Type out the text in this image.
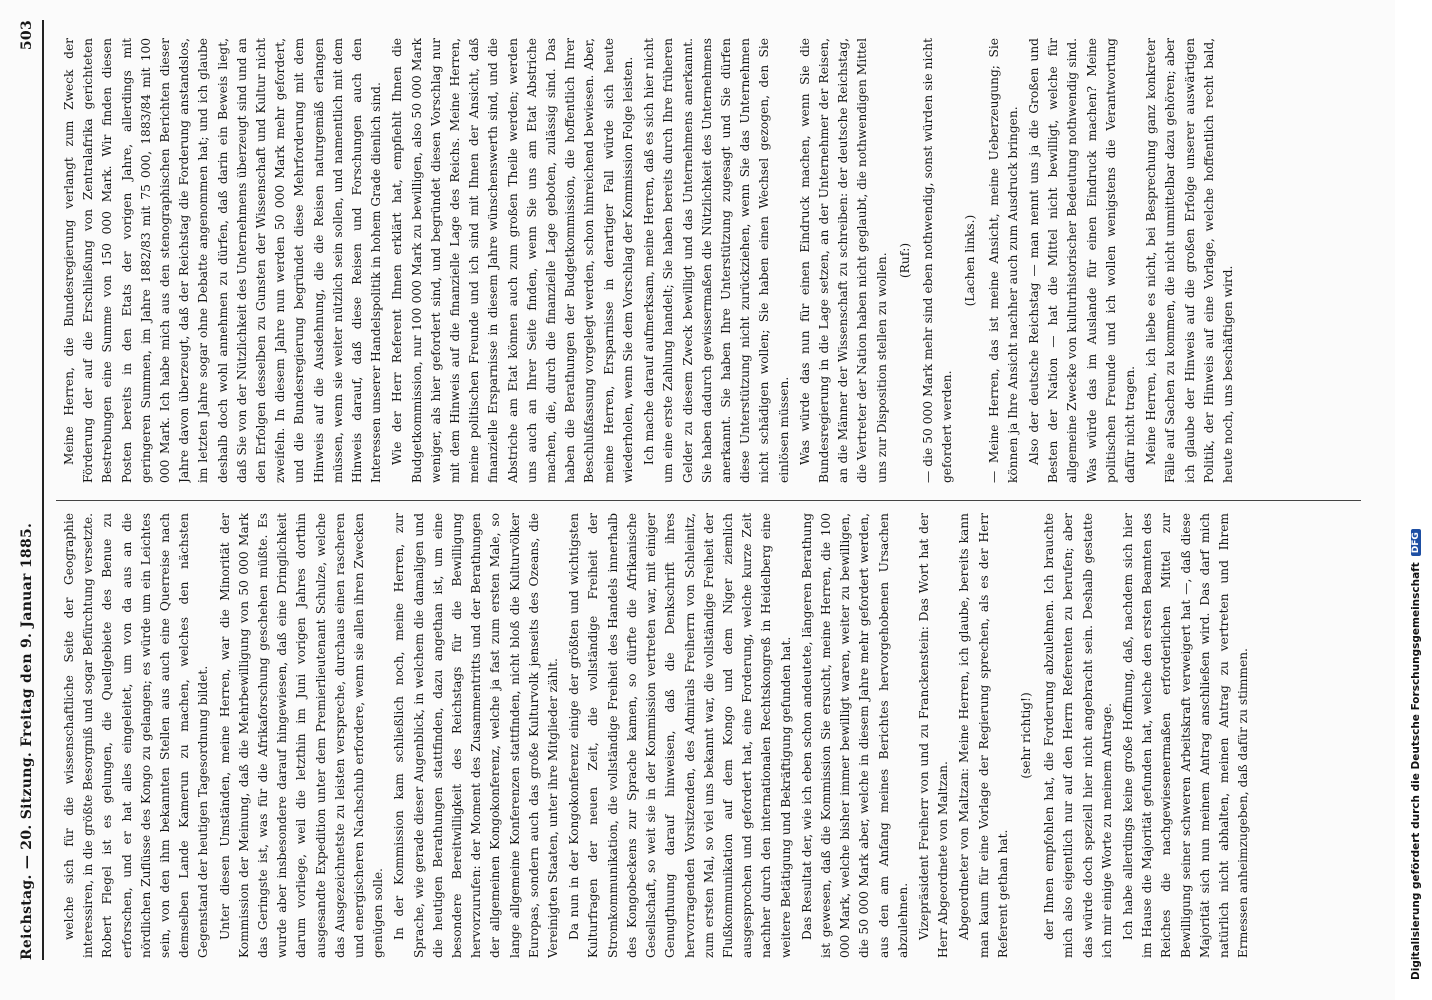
Reichstag. — 20. Sitzung. Freitag den 9. Januar 1885.
503

welche sich für die wissenschaftliche Seite der Geographie interessiren, in die größte Besorgniß und sogar Befürchtung versetzte. Robert Flegel ist es gelungen, die Quellgebiete des Benue zu erforschen, und er hat alles eingeleitet, um von da aus an die nördlichen Zuflüsse des Kongo zu gelangen; es würde um ein Leichtes sein, von den ihm bekannten Stellen aus auch eine Querreise nach demselben Lande Kamerun zu machen, welches den nächsten Gegenstand der heutigen Tagesordnung bildet. Unter diesen Umständen, meine Herren, war die Minorität der Kommission der Meinung, daß die Mehrbewilligung von 50 000 Mark das Geringste ist, was für die Afrikaforschung geschehen müßte. Es wurde aber insbesondere darauf hingewiesen, daß eine Dringlichkeit darum vorliege, weil die letzthin im Juni vorigen Jahres dorthin ausgesandte Expedition unter dem Premierlieutenant Schulze, welche das Ausgezeichnetste zu leisten verspreche, durchaus einen rascheren und energischeren Nachschub erfordere, wenn sie allen ihren Zwecken genügen solle. In der Kommission kam schließlich noch, meine Herren, zur Sprache, wie gerade dieser Augenblick, in welchem die damaligen und die heutigen Berathungen stattfinden, dazu angethan ist, um eine besondere Bereitwilligkeit des Reichstags für die Bewilligung hervorzurufen: der Moment des Zusammentritts und der Berathungen der allgemeinen Kongokonferenz, welche ja fast zum ersten Male, so lange allgemeine Konferenzen stattfinden, nicht bloß die Kulturvölker Europas, sondern auch das große Kulturvolk jenseits des Ozeans, die Vereinigten Staaten, unter ihre Mitglieder zählt. Da nun in der Kongokonferenz einige der größten und wichtigsten Kulturfragen der neuen Zeit, die vollständige Freiheit der Stromkommunikation, die vollständige Freiheit des Handels innerhalb des Kongobeckens zur Sprache kamen, so dürfte die Afrikanische Gesellschaft, so weit sie in der Kommission vertreten war, mit einiger Genugthuung darauf hinweisen, daß die Denkschrift ihres hervorragenden Vorsitzenden, des Admirals Freiherrn von Schleinitz, zum ersten Mal, so viel uns bekannt war, die vollständige Freiheit der Flußkommunikation auf dem Kongo und dem Niger ziemlich ausgesprochen und gefordert hat, eine Forderung, welche kurze Zeit nachher durch den internationalen Rechtskongreß in Heidelberg eine weitere Betätigung und Bekräftigung gefunden hat. Das Resultat der, wie ich eben schon andeutete, längeren Berathung ist gewesen, daß die Kommission Sie ersucht, meine Herren, die 100 000 Mark, welche bisher immer bewilligt waren, weiter zu bewilligen, die 50 000 Mark aber, welche in diesem Jahre mehr gefordert werden, aus den am Anfang meines Berichtes hervorgehobenen Ursachen abzulehnen. Vizepräsident Freiherr von und zu Franckenstein: Das Wort hat der Herr Abgeordnete von Maltzan. Abgeordneter von Maltzan: Meine Herren, ich glaube, bereits kann man kaum für eine Vorlage der Regierung sprechen, als es der Herr Referent gethan hat.

(sehr richtig!) der Ihnen empfohlen hat, die Forderung abzulehnen. Ich brauchte mich also eigentlich nur auf den Herrn Referenten zu berufen; aber das würde doch speziell hier nicht angebracht sein. Deshalb gestatte ich mir einige Worte zu meinem Antrage. Ich habe allerdings keine große Hoffnung, daß, nachdem sich hier im Hause die Majorität gefunden hat, welche den ersten Beamten des Reiches die nachgewiesenermaßen erforderlichen Mittel zur Bewilligung seiner schweren Arbeitskraft verweigert hat —, daß diese Majorität sich nun meinem Antrag anschließen wird. Das darf mich natürlich nicht abhalten, meinen Antrag zu vertreten und Ihrem Ermessen anheimzugeben, daß dafür zu stimmen.

Meine Herren, die Bundesregierung verlangt zum Zweck der Förderung der auf die Erschließung von Zentralafrika gerichteten Bestrebungen eine Summe von 150 000 Mark. Wir finden diesen Posten bereits in den Etats der vorigen Jahre, allerdings mit geringeren Summen, im Jahre 1882/83 mit 75 000, 1883/84 mit 100 000 Mark. Ich habe mich aus den stenographischen Berichten dieser Jahre davon überzeugt, daß der Reichstag die Forderung anstandslos, im letzten Jahre sogar ohne Debatte angenommen hat; und ich glaube deshalb doch wohl annehmen zu dürfen, daß darin ein Beweis liegt, daß Sie von der Nützlichkeit des Unternehmens überzeugt sind und an den Erfolgen desselben zu Gunsten der Wissenschaft und Kultur nicht zweifeln. In diesem Jahre nun werden 50 000 Mark mehr gefordert, und die Bundesregierung begründet diese Mehrforderung mit dem Hinweis auf die Ausdehnung, die die Reisen naturgemäß erlangen müssen, wenn sie weiter nützlich sein sollen, und namentlich mit dem Hinweis darauf, daß diese Reisen und Forschungen auch den Interessen unserer Handelspolitik in hohem Grade dienlich sind. Wie der Herr Referent Ihnen erklärt hat, empfiehlt Ihnen die Budgetkommission, nur 100 000 Mark zu bewilligen, also 50 000 Mark weniger, als hier gefordert sind, und begründet diesen Vorschlag nur mit dem Hinweis auf die finanzielle Lage des Reichs. Meine Herren, meine politischen Freunde und ich sind mit Ihnen der Ansicht, daß finanzielle Ersparnisse in diesem Jahre wünschenswerth sind, und die Abstriche am Etat können auch zum großen Theile werden; werden uns auch an Ihrer Seite finden, wenn Sie uns am Etat Abstriche machen, die, durch die finanzielle Lage geboten, zulässig sind. Das haben die Berathungen der Budgetkommission, die hoffentlich Ihrer Beschlußfassung vorgelegt werden, schon hinreichend bewiesen. Aber, meine Herren, Ersparnisse in derartiger Fall würde sich heute wiederholen, wenn Sie dem Vorschlag der Kommission Folge leisten. Ich mache darauf aufmerksam, meine Herren, daß es sich hier nicht um eine erste Zahlung handelt; Sie haben bereits durch Ihre früheren Gelder zu diesem Zweck bewilligt und das Unternehmens anerkannt. Sie haben dadurch gewissermaßen die Nützlichkeit des Unternehmens anerkannt. Sie haben Ihre Unterstützung zugesagt und Sie dürfen diese Unterstützung nicht zurückziehen, wenn Sie das Unternehmen nicht schädigen wollen; Sie haben einen Wechsel gezogen, den Sie einlösen müssen. Was würde das nun für einen Eindruck machen, wenn Sie die Bundesregierung in die Lage setzen, an der Unternehmer der Reisen, an die Männer der Wissenschaft zu schreiben: der deutsche Reichstag, die Vertreter der Nation haben nicht geglaubt, die nothwendigen Mittel uns zur Disposition stellen zu wollen. (Ruf:) — die 50 000 Mark mehr sind eben nothwendig, sonst würden sie nicht gefordert werden.

(Lachen links.) — Meine Herren, das ist meine Ansicht, meine Ueberzeugung; Sie können ja Ihre Ansicht nachher auch zum Ausdruck bringen. Also der deutsche Reichstag — man nennt uns ja die Großen und Besten der Nation — hat die Mittel nicht bewilligt, welche für allgemeine Zwecke von kulturhistorischer Bedeutung nothwendig sind. Was würde das im Auslande für einen Eindruck machen? Meine politischen Freunde und ich wollen wenigstens die Verantwortung dafür nicht tragen. Meine Herren, ich liebe es nicht, bei Besprechung ganz konkreter Fälle auf Sachen zu kommen, die nicht unmittelbar dazu gehören; aber ich glaube der Hinweis auf die großen Erfolge unserer auswärtigen Politik, der Hinweis auf eine Vorlage, welche hoffentlich recht bald, heute noch, uns beschäftigen wird.

Digitalisierung gefördert durch die Deutsche Forschungsgemeinschaft
DFG
